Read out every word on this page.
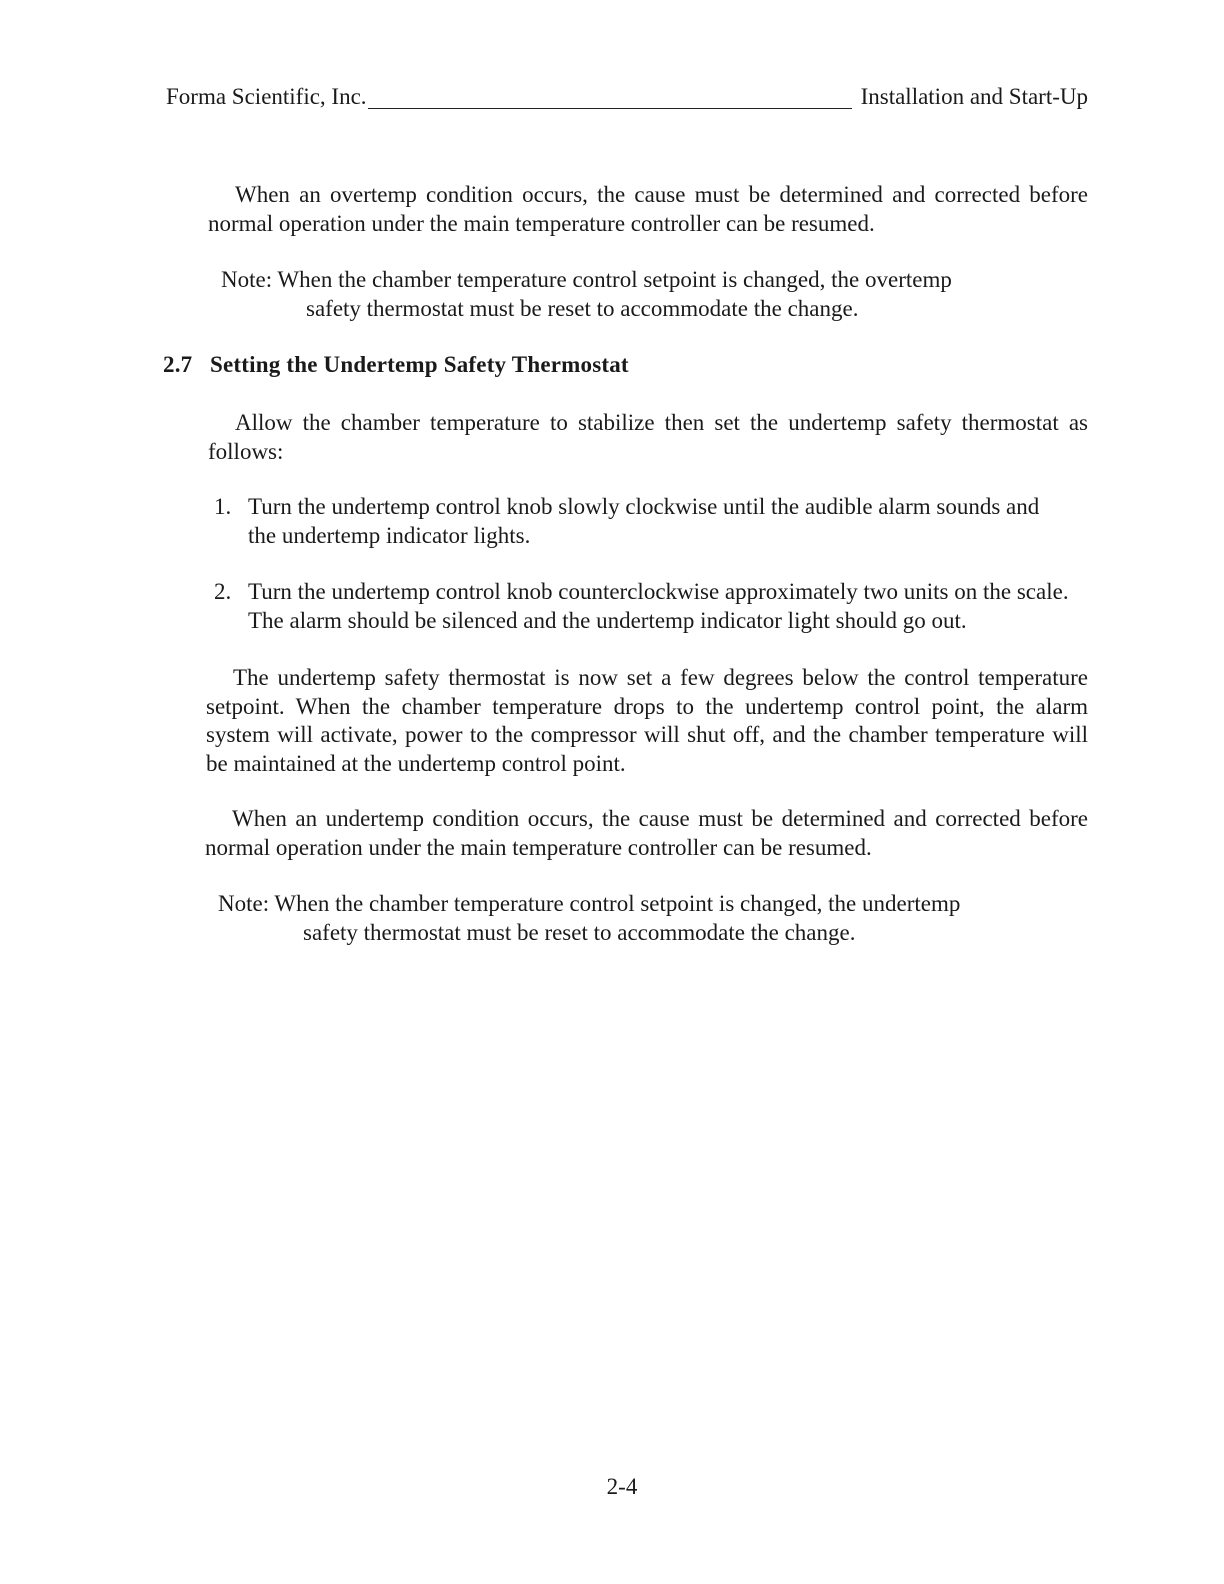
Forma Scientific, Inc.	Installation and Start-Up

When an overtemp condition occurs, the cause must be determined and corrected before normal operation under the main temperature controller can be resumed.

Note: When the chamber temperature control setpoint is changed, the overtemp
safety thermostat must be reset to accommodate the change.
2.7 Setting the Undertemp Safety Thermostat

Allow the chamber temperature to stabilize then set the undertemp safety thermostat as follows:

1. Turn the undertemp control knob slowly clockwise until the audible alarm sounds and the undertemp indicator lights.
2. Turn the undertemp control knob counterclockwise approximately two units on the scale. The alarm should be silenced and the undertemp indicator light should go out.

The undertemp safety thermostat is now set a few degrees below the control temperature setpoint. When the chamber temperature drops to the undertemp control point, the alarm system will activate, power to the compressor will shut off, and the chamber temperature will be maintained at the undertemp control point.

When an undertemp condition occurs, the cause must be determined and corrected before normal operation under the main temperature controller can be resumed.

Note: When the chamber temperature control setpoint is changed, the undertemp
safety thermostat must be reset to accommodate the change.
2-4
